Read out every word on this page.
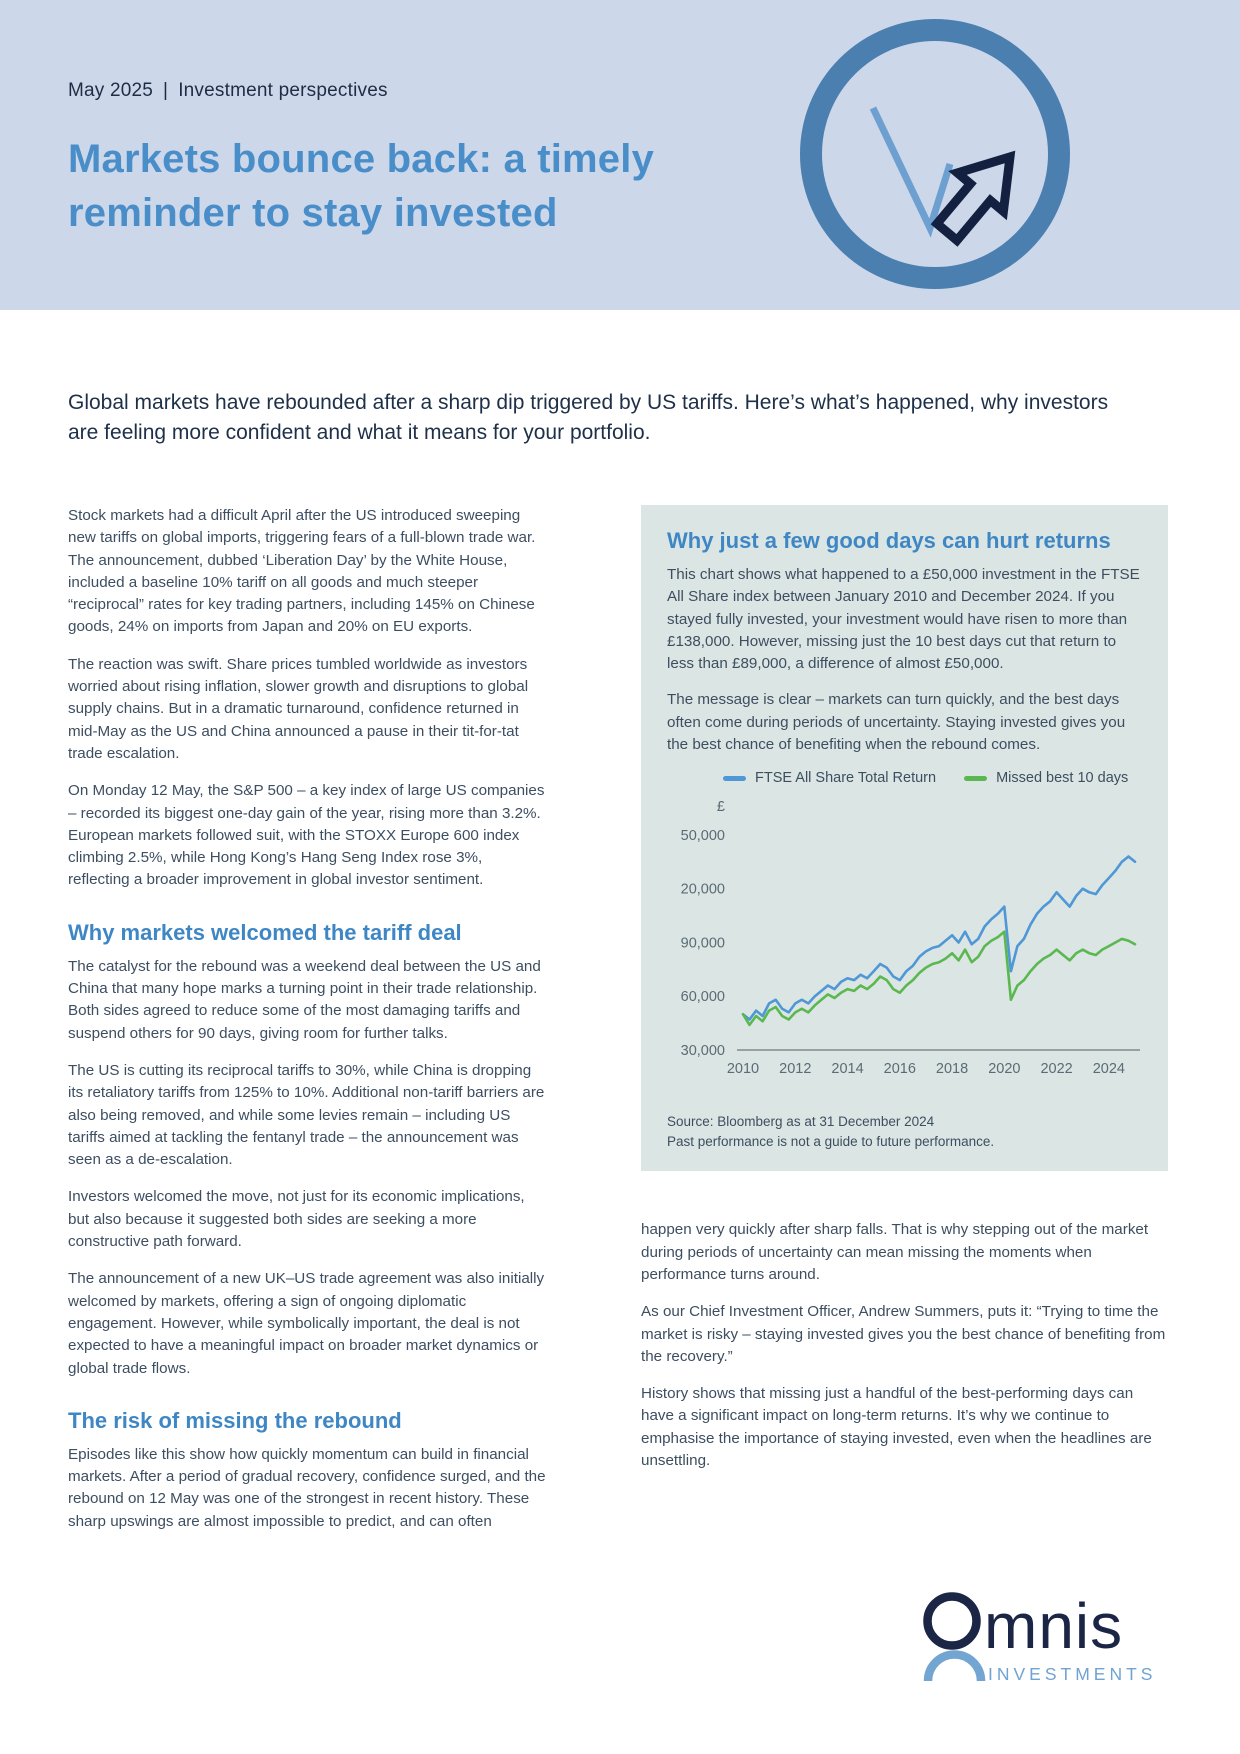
May 2025 | Investment perspectives
Markets bounce back: a timely reminder to stay invested
Global markets have rebounded after a sharp dip triggered by US tariffs. Here’s what’s happened, why investors are feeling more confident and what it means for your portfolio.

Stock markets had a difficult April after the US introduced sweeping new tariffs on global imports, triggering fears of a full-blown trade war. The announcement, dubbed ‘Liberation Day’ by the White House, included a baseline 10% tariff on all goods and much steeper “reciprocal” rates for key trading partners, including 145% on Chinese goods, 24% on imports from Japan and 20% on EU exports.

The reaction was swift. Share prices tumbled worldwide as investors worried about rising inflation, slower growth and disruptions to global supply chains. But in a dramatic turnaround, confidence returned in mid-May as the US and China announced a pause in their tit-for-tat trade escalation.

On Monday 12 May, the S&P 500 – a key index of large US companies – recorded its biggest one-day gain of the year, rising more than 3.2%. European markets followed suit, with the STOXX Europe 600 index climbing 2.5%, while Hong Kong’s Hang Seng Index rose 3%, reflecting a broader improvement in global investor sentiment.

Why markets welcomed the tariff deal

The catalyst for the rebound was a weekend deal between the US and China that many hope marks a turning point in their trade relationship. Both sides agreed to reduce some of the most damaging tariffs and suspend others for 90 days, giving room for further talks.

The US is cutting its reciprocal tariffs to 30%, while China is dropping its retaliatory tariffs from 125% to 10%. Additional non-tariff barriers are also being removed, and while some levies remain – including US tariffs aimed at tackling the fentanyl trade – the announcement was seen as a de-escalation.

Investors welcomed the move, not just for its economic implications, but also because it suggested both sides are seeking a more constructive path forward.

The announcement of a new UK–US trade agreement was also initially welcomed by markets, offering a sign of ongoing diplomatic engagement. However, while symbolically important, the deal is not expected to have a meaningful impact on broader market dynamics or global trade flows.

The risk of missing the rebound

Episodes like this show how quickly momentum can build in financial markets. After a period of gradual recovery, confidence surged, and the rebound on 12 May was one of the strongest in recent history. These sharp upswings are almost impossible to predict, and can often

Why just a few good days can hurt returns

This chart shows what happened to a £50,000 investment in the FTSE All Share index between January 2010 and December 2024. If you stayed fully invested, your investment would have risen to more than £138,000. However, missing just the 10 best days cut that return to less than £89,000, a difference of almost £50,000.

The message is clear – markets can turn quickly, and the best days often come during periods of uncertainty. Staying invested gives you the best chance of benefiting when the rebound comes.

FTSE All Share Total Return	Missed best 10 days
£
50,000
20,000
90,000
60,000
30,000
2010 2012 2014 2016 2018 2020 2022 2024
Source: Bloomberg as at 31 December 2024
Past performance is not a guide to future performance.

happen very quickly after sharp falls. That is why stepping out of the market during periods of uncertainty can mean missing the moments when performance turns around.

As our Chief Investment Officer, Andrew Summers, puts it: “Trying to time the market is risky – staying invested gives you the best chance of benefiting from the recovery.”

History shows that missing just a handful of the best-performing days can have a significant impact on long-term returns. It’s why we continue to emphasise the importance of staying invested, even when the headlines are unsettling.

mnis
INVESTMENTS
